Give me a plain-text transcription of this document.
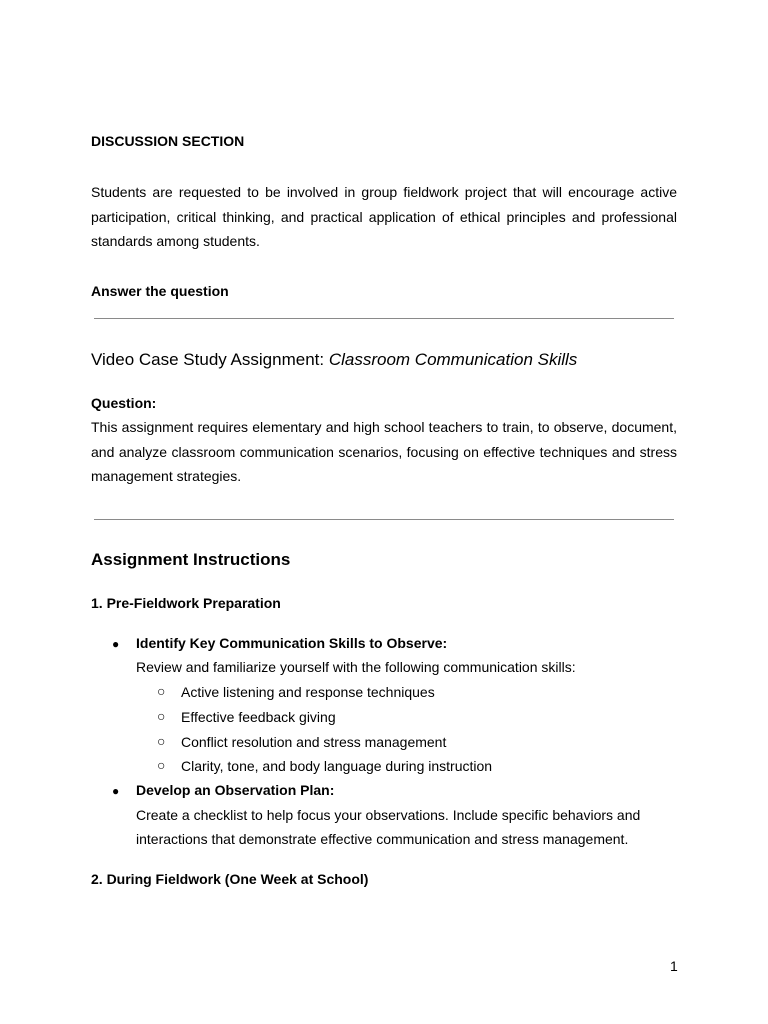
DISCUSSION SECTION

Students are requested to be involved in group fieldwork project that will encourage active participation, critical thinking, and practical application of ethical principles and professional standards among students.

Answer the question
Video Case Study Assignment: Classroom Communication Skills
Question:

This assignment requires elementary and high school teachers to train, to observe, document, and analyze classroom communication scenarios, focusing on effective techniques and stress management strategies.

Assignment Instructions
1. Pre-Fieldwork Preparation
● Identify Key Communication Skills to Observe:
Review and familiarize yourself with the following communication skills:
○ Active listening and response techniques
○ Effective feedback giving
○ Conflict resolution and stress management
○ Clarity, tone, and body language during instruction
● Develop an Observation Plan:
Create a checklist to help focus your observations. Include specific behaviors and
interactions that demonstrate effective communication and stress management.
2. During Fieldwork (One Week at School)
1
